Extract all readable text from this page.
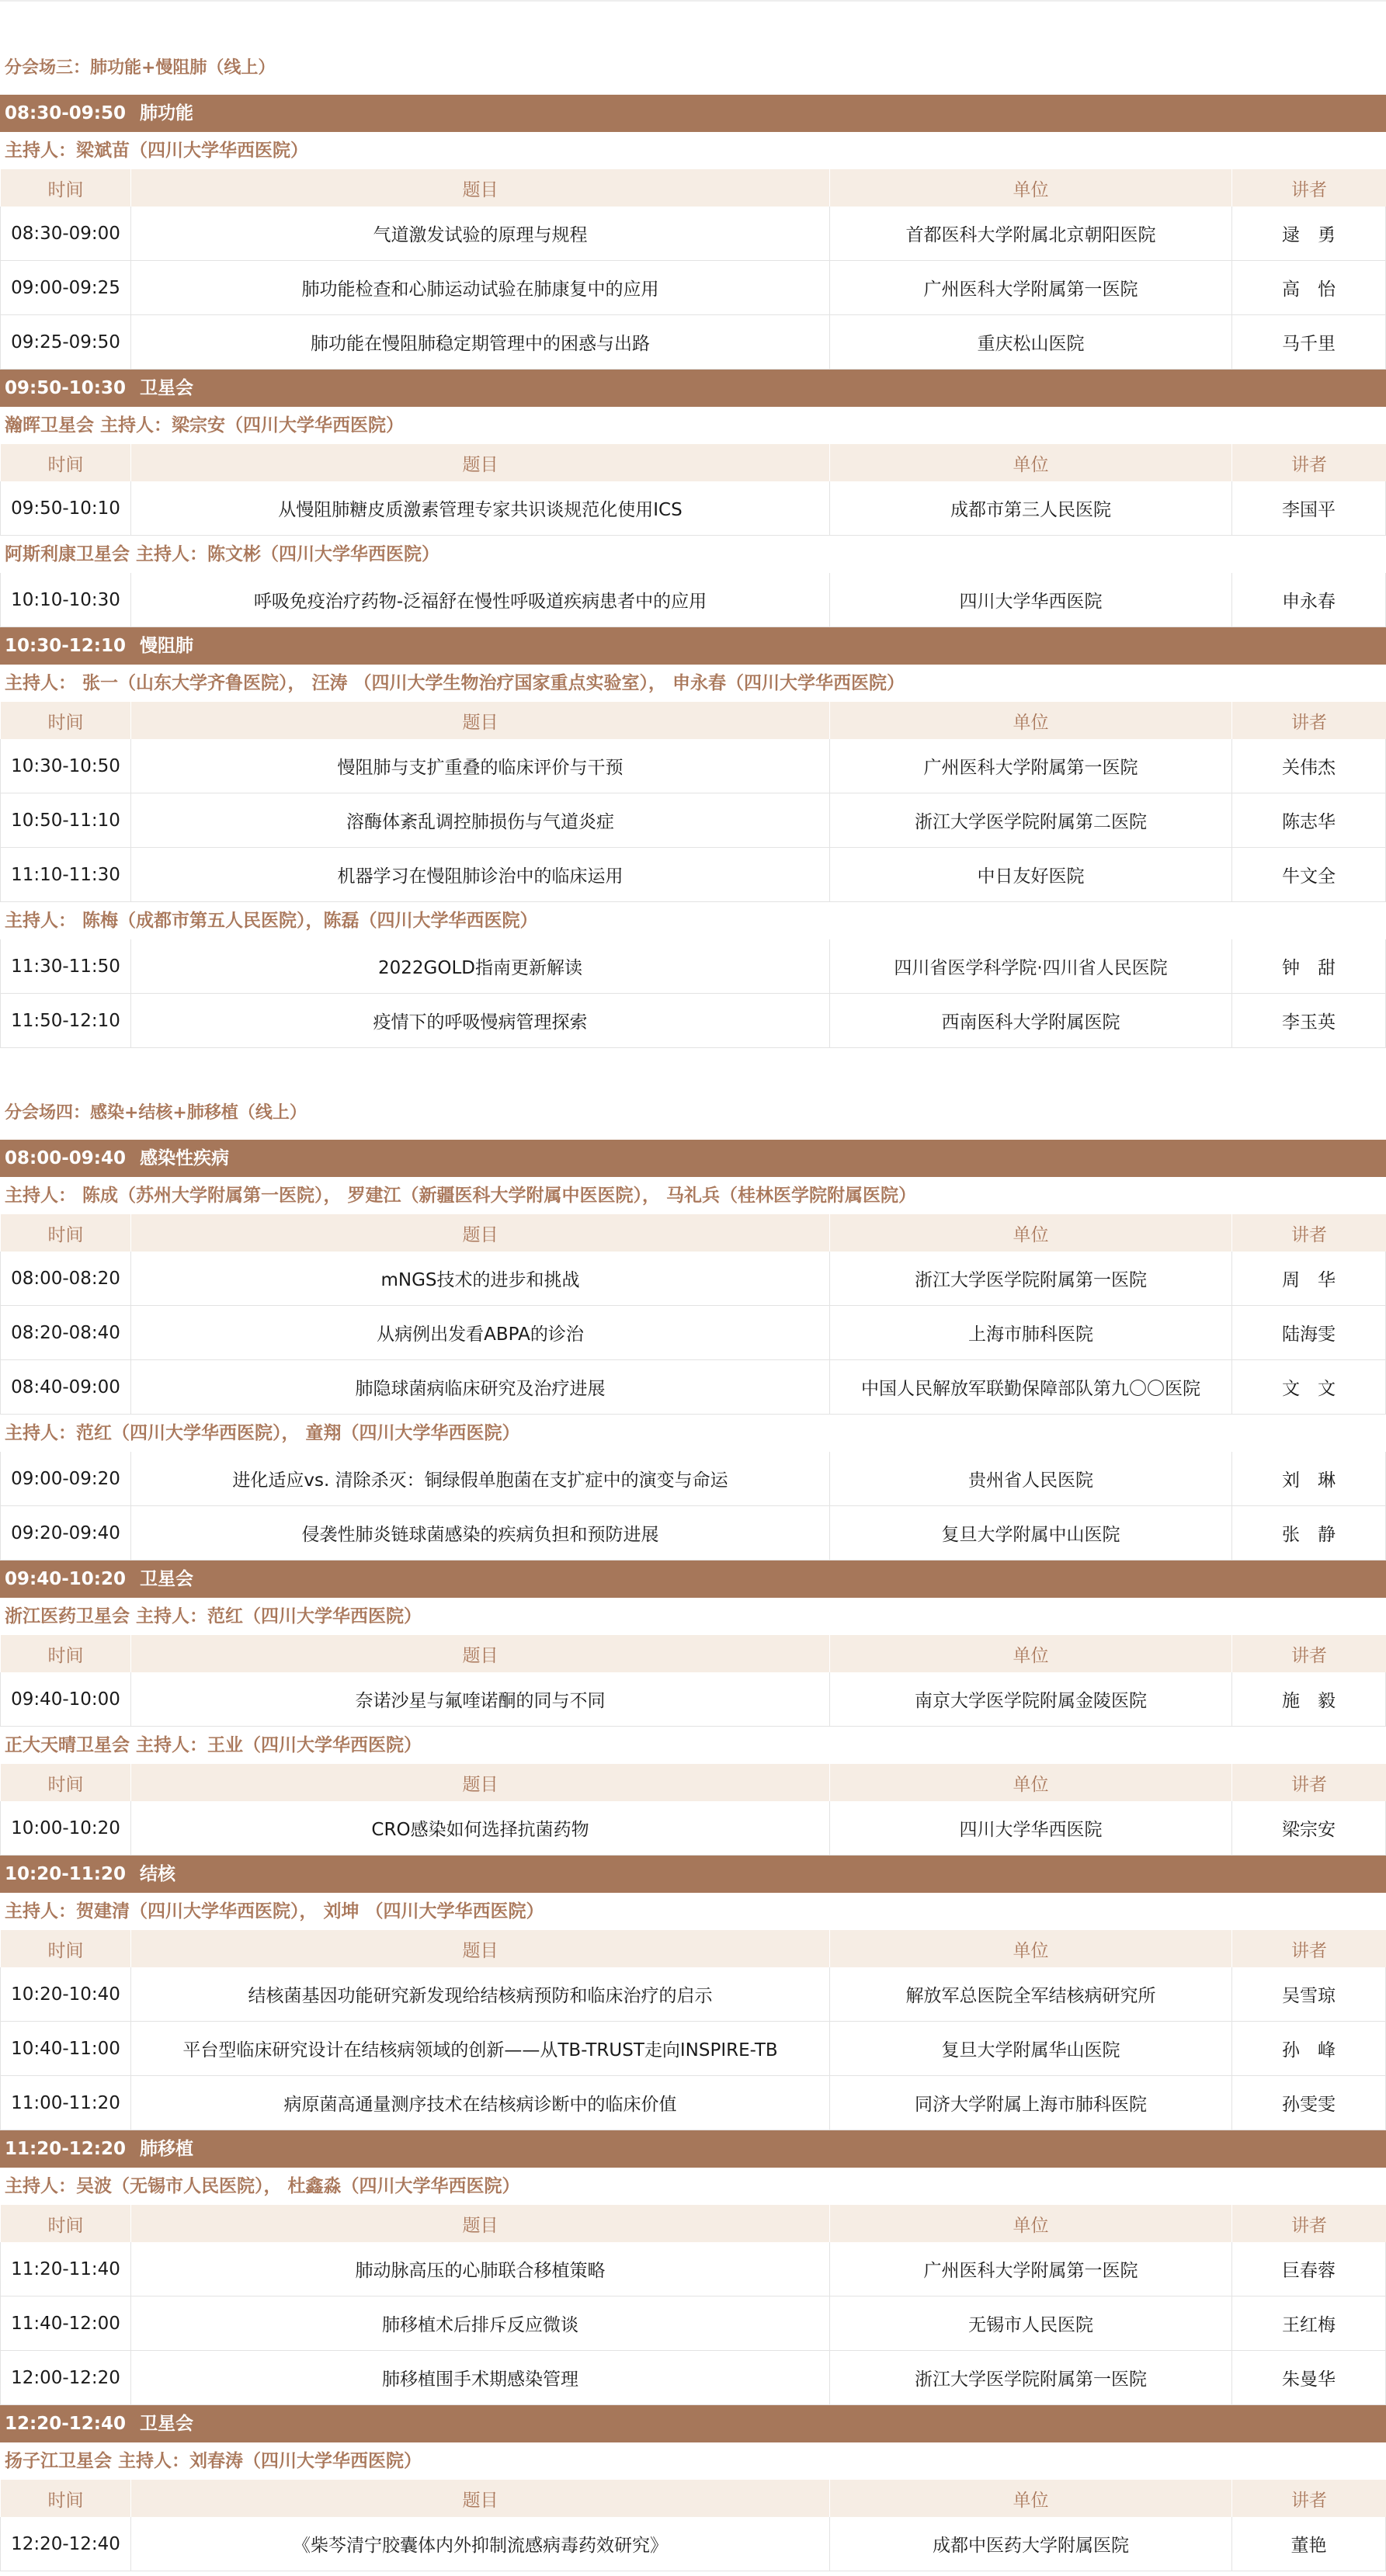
分会场三：肺功能+慢阻肺（线上）
08:30-09:50 肺功能
主持人：梁斌苗（四川大学华西医院）
时间	题目	单位	讲者
08:30-09:00	气道激发试验的原理与规程	首都医科大学附属北京朝阳医院	逯　勇
09:00-09:25	肺功能检查和心肺运动试验在肺康复中的应用	广州医科大学附属第一医院	高　怡
09:25-09:50	肺功能在慢阻肺稳定期管理中的困惑与出路	重庆松山医院	马千里
09:50-10:30 卫星会
瀚晖卫星会 主持人：梁宗安（四川大学华西医院）
时间	题目	单位	讲者
09:50-10:10	从慢阻肺糖皮质激素管理专家共识谈规范化使用ICS	成都市第三人民医院	李国平
阿斯利康卫星会 主持人：陈文彬（四川大学华西医院）
10:10-10:30	呼吸免疫治疗药物-泛福舒在慢性呼吸道疾病患者中的应用	四川大学华西医院	申永春
10:30-12:10 慢阻肺
主持人： 张一（山东大学齐鲁医院）， 汪涛 （四川大学生物治疗国家重点实验室）， 申永春（四川大学华西医院）
时间	题目	单位	讲者
10:30-10:50	慢阻肺与支扩重叠的临床评价与干预	广州医科大学附属第一医院	关伟杰
10:50-11:10	溶酶体紊乱调控肺损伤与气道炎症	浙江大学医学院附属第二医院	陈志华
11:10-11:30	机器学习在慢阻肺诊治中的临床运用	中日友好医院	牛文全
主持人： 陈梅（成都市第五人民医院），陈磊（四川大学华西医院）
11:30-11:50	2022GOLD指南更新解读	四川省医学科学院·四川省人民医院	钟　甜
11:50-12:10	疫情下的呼吸慢病管理探索	西南医科大学附属医院	李玉英
分会场四：感染+结核+肺移植（线上）
08:00-09:40 感染性疾病
主持人： 陈成（苏州大学附属第一医院）， 罗建江（新疆医科大学附属中医医院）， 马礼兵（桂林医学院附属医院）
时间	题目	单位	讲者
08:00-08:20	mNGS技术的进步和挑战	浙江大学医学院附属第一医院	周　华
08:20-08:40	从病例出发看ABPA的诊治	上海市肺科医院	陆海雯
08:40-09:00	肺隐球菌病临床研究及治疗进展	中国人民解放军联勤保障部队第九〇〇医院	文　文
主持人：范红（四川大学华西医院）， 童翔（四川大学华西医院）
09:00-09:20	进化适应vs. 清除杀灭：铜绿假单胞菌在支扩症中的演变与命运	贵州省人民医院	刘　琳
09:20-09:40	侵袭性肺炎链球菌感染的疾病负担和预防进展	复旦大学附属中山医院	张　静
09:40-10:20 卫星会
浙江医药卫星会 主持人：范红（四川大学华西医院）
时间	题目	单位	讲者
09:40-10:00	奈诺沙星与氟喹诺酮的同与不同	南京大学医学院附属金陵医院	施　毅
正大天晴卫星会 主持人：王业（四川大学华西医院）
时间	题目	单位	讲者
10:00-10:20	CRO感染如何选择抗菌药物	四川大学华西医院	梁宗安
10:20-11:20 结核
主持人：贺建清（四川大学华西医院）， 刘坤 （四川大学华西医院）
时间	题目	单位	讲者
10:20-10:40	结核菌基因功能研究新发现给结核病预防和临床治疗的启示	解放军总医院全军结核病研究所	吴雪琼
10:40-11:00	平台型临床研究设计在结核病领域的创新——从TB-TRUST走向INSPIRE-TB	复旦大学附属华山医院	孙　峰
11:00-11:20	病原菌高通量测序技术在结核病诊断中的临床价值	同济大学附属上海市肺科医院	孙雯雯
11:20-12:20 肺移植
主持人：吴波（无锡市人民医院）， 杜鑫淼（四川大学华西医院）
时间	题目	单位	讲者
11:20-11:40	肺动脉高压的心肺联合移植策略	广州医科大学附属第一医院	巨春蓉
11:40-12:00	肺移植术后排斥反应微谈	无锡市人民医院	王红梅
12:00-12:20	肺移植围手术期感染管理	浙江大学医学院附属第一医院	朱曼华
12:20-12:40 卫星会
扬子江卫星会 主持人：刘春涛（四川大学华西医院）
时间	题目	单位	讲者
12:20-12:40	《柴芩清宁胶囊体内外抑制流感病毒药效研究》	成都中医药大学附属医院	董艳
